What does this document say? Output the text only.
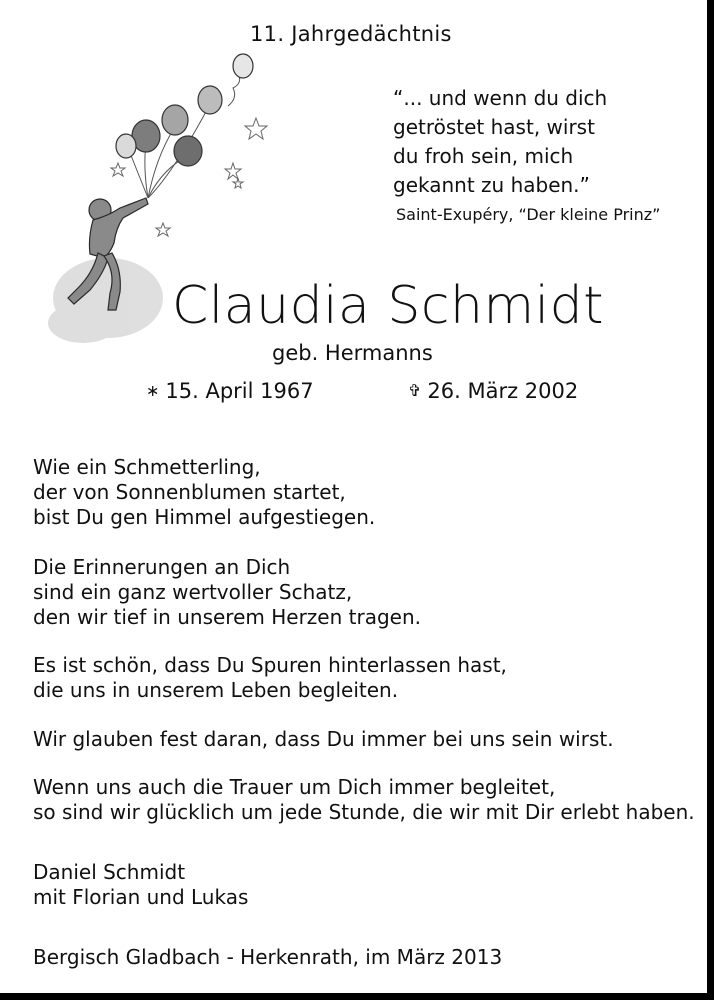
11. Jahrgedächtnis
“... und wenn du dich
getröstet hast, wirst
du froh sein, mich
gekannt zu haben.”
Saint-Exupéry, “Der kleine Prinz”
Claudia Schmidt
geb. Hermanns
∗ 15. April 1967	✞ 26. März 2002
Wie ein Schmetterling,
der von Sonnenblumen startet,
bist Du gen Himmel aufgestiegen.
Die Erinnerungen an Dich
sind ein ganz wertvoller Schatz,
den wir tief in unserem Herzen tragen.
Es ist schön, dass Du Spuren hinterlassen hast,
die uns in unserem Leben begleiten.
Wir glauben fest daran, dass Du immer bei uns sein wirst.
Wenn uns auch die Trauer um Dich immer begleitet,
so sind wir glücklich um jede Stunde, die wir mit Dir erlebt haben.
Daniel Schmidt
mit Florian und Lukas
Bergisch Gladbach - Herkenrath, im März 2013
